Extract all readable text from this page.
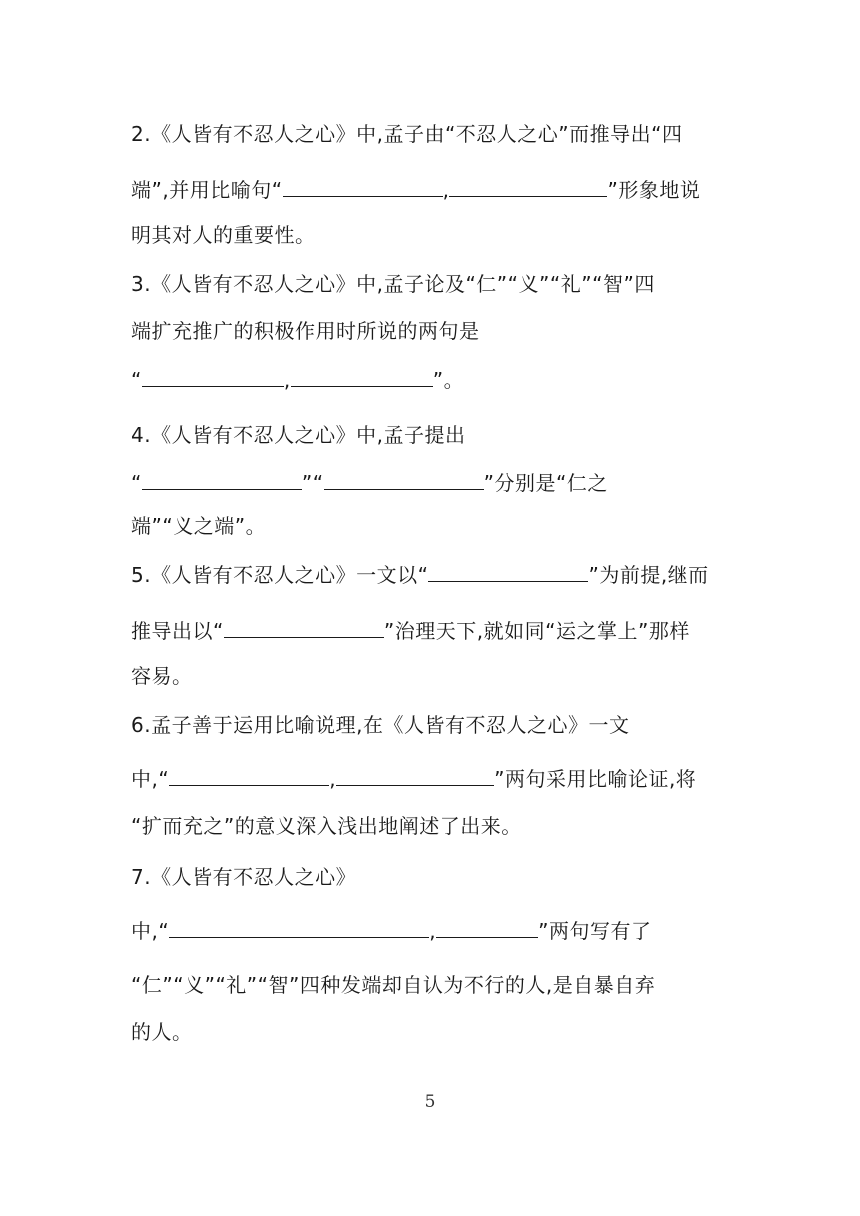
2.《人皆有不忍人之心》中,孟子由“不忍人之心”而推导出“四
端”,并用比喻句“	,	”形象地说
明其对人的重要性。
3.《人皆有不忍人之心》中,孟子论及“仁”“义”“礼”“智”四
端扩充推广的积极作用时所说的两句是
“	,	”。
4.《人皆有不忍人之心》中,孟子提出
“	”“	”分别是“仁之
端”“义之端”。
5.《人皆有不忍人之心》一文以“	”为前提,继而
推导出以“	”治理天下,就如同“运之掌上”那样
容易。
6.孟子善于运用比喻说理,在《人皆有不忍人之心》一文
中,“	,	”两句采用比喻论证,将
“扩而充之”的意义深入浅出地阐述了出来。
7.《人皆有不忍人之心》
中,“	,	”两句写有了
“仁”“义”“礼”“智”四种发端却自认为不行的人,是自暴自弃
的人。
5
